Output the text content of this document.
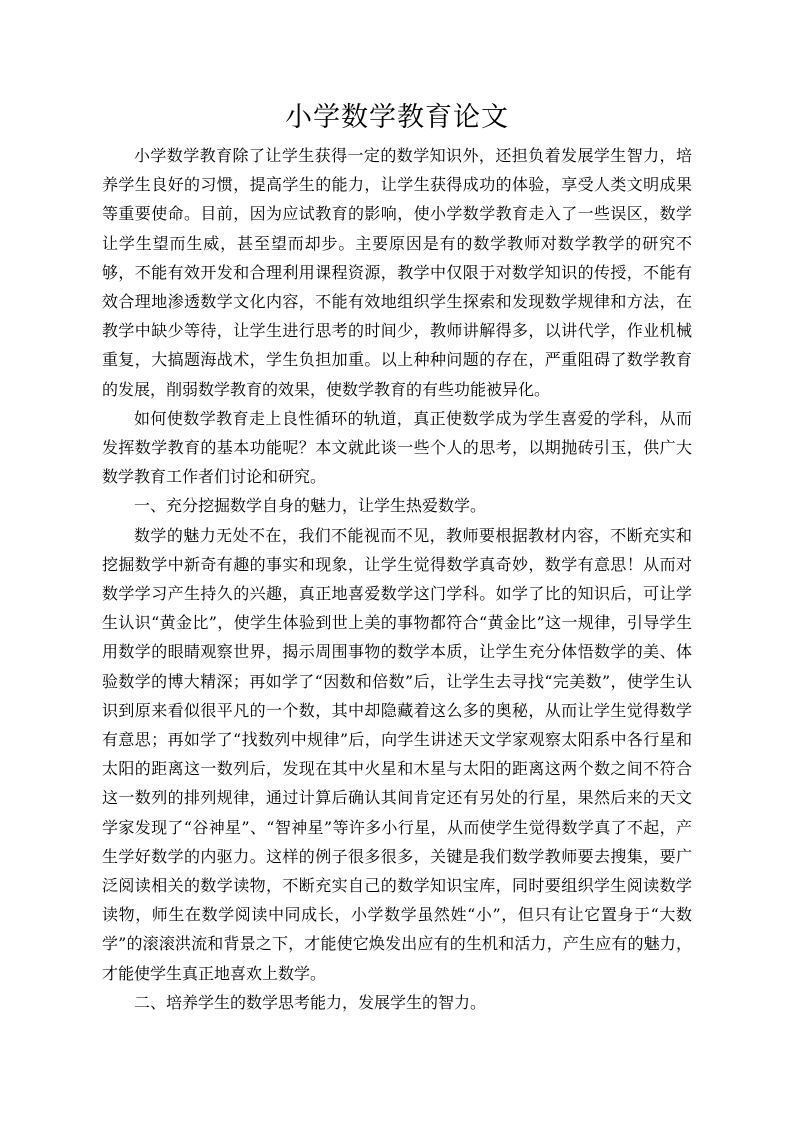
小学数学教育论文

小学数学教育除了让学生获得一定的数学知识外，还担负着发展学生智力，培养学生良好的习惯，提高学生的能力，让学生获得成功的体验，享受人类文明成果等重要使命。目前，因为应试教育的影响，使小学数学教育走入了一些误区，数学让学生望而生威，甚至望而却步。主要原因是有的数学教师对数学教学的研究不够，不能有效开发和合理利用课程资源，教学中仅限于对数学知识的传授，不能有效合理地渗透数学文化内容，不能有效地组织学生探索和发现数学规律和方法，在教学中缺少等待，让学生进行思考的时间少，教师讲解得多，以讲代学，作业机械重复，大搞题海战术，学生负担加重。以上种种问题的存在，严重阻碍了数学教育的发展，削弱数学教育的效果，使数学教育的有些功能被异化。

如何使数学教育走上良性循环的轨道，真正使数学成为学生喜爱的学科，从而发挥数学教育的基本功能呢？本文就此谈一些个人的思考，以期抛砖引玉，供广大数学教育工作者们讨论和研究。

一、充分挖掘数学自身的魅力，让学生热爱数学。

数学的魅力无处不在，我们不能视而不见，教师要根据教材内容，不断充实和挖掘数学中新奇有趣的事实和现象，让学生觉得数学真奇妙，数学有意思！从而对数学学习产生持久的兴趣，真正地喜爱数学这门学科。如学了比的知识后，可让学生认识“黄金比”，使学生体验到世上美的事物都符合“黄金比”这一规律，引导学生用数学的眼睛观察世界，揭示周围事物的数学本质，让学生充分体悟数学的美、体验数学的博大精深；再如学了“因数和倍数”后，让学生去寻找“完美数”，使学生认识到原来看似很平凡的一个数，其中却隐藏着这么多的奥秘，从而让学生觉得数学有意思；再如学了“找数列中规律”后，向学生讲述天文学家观察太阳系中各行星和太阳的距离这一数列后，发现在其中火星和木星与太阳的距离这两个数之间不符合这一数列的排列规律，通过计算后确认其间肯定还有另处的行星，果然后来的天文学家发现了“谷神星”、“智神星”等许多小行星，从而使学生觉得数学真了不起，产生学好数学的内驱力。这样的例子很多很多，关键是我们数学教师要去搜集，要广泛阅读相关的数学读物，不断充实自己的数学知识宝库，同时要组织学生阅读数学读物，师生在数学阅读中同成长，小学数学虽然姓“小”，但只有让它置身于“大数学”的滚滚洪流和背景之下，才能使它焕发出应有的生机和活力，产生应有的魅力，才能使学生真正地喜欢上数学。

二、培养学生的数学思考能力，发展学生的智力。
